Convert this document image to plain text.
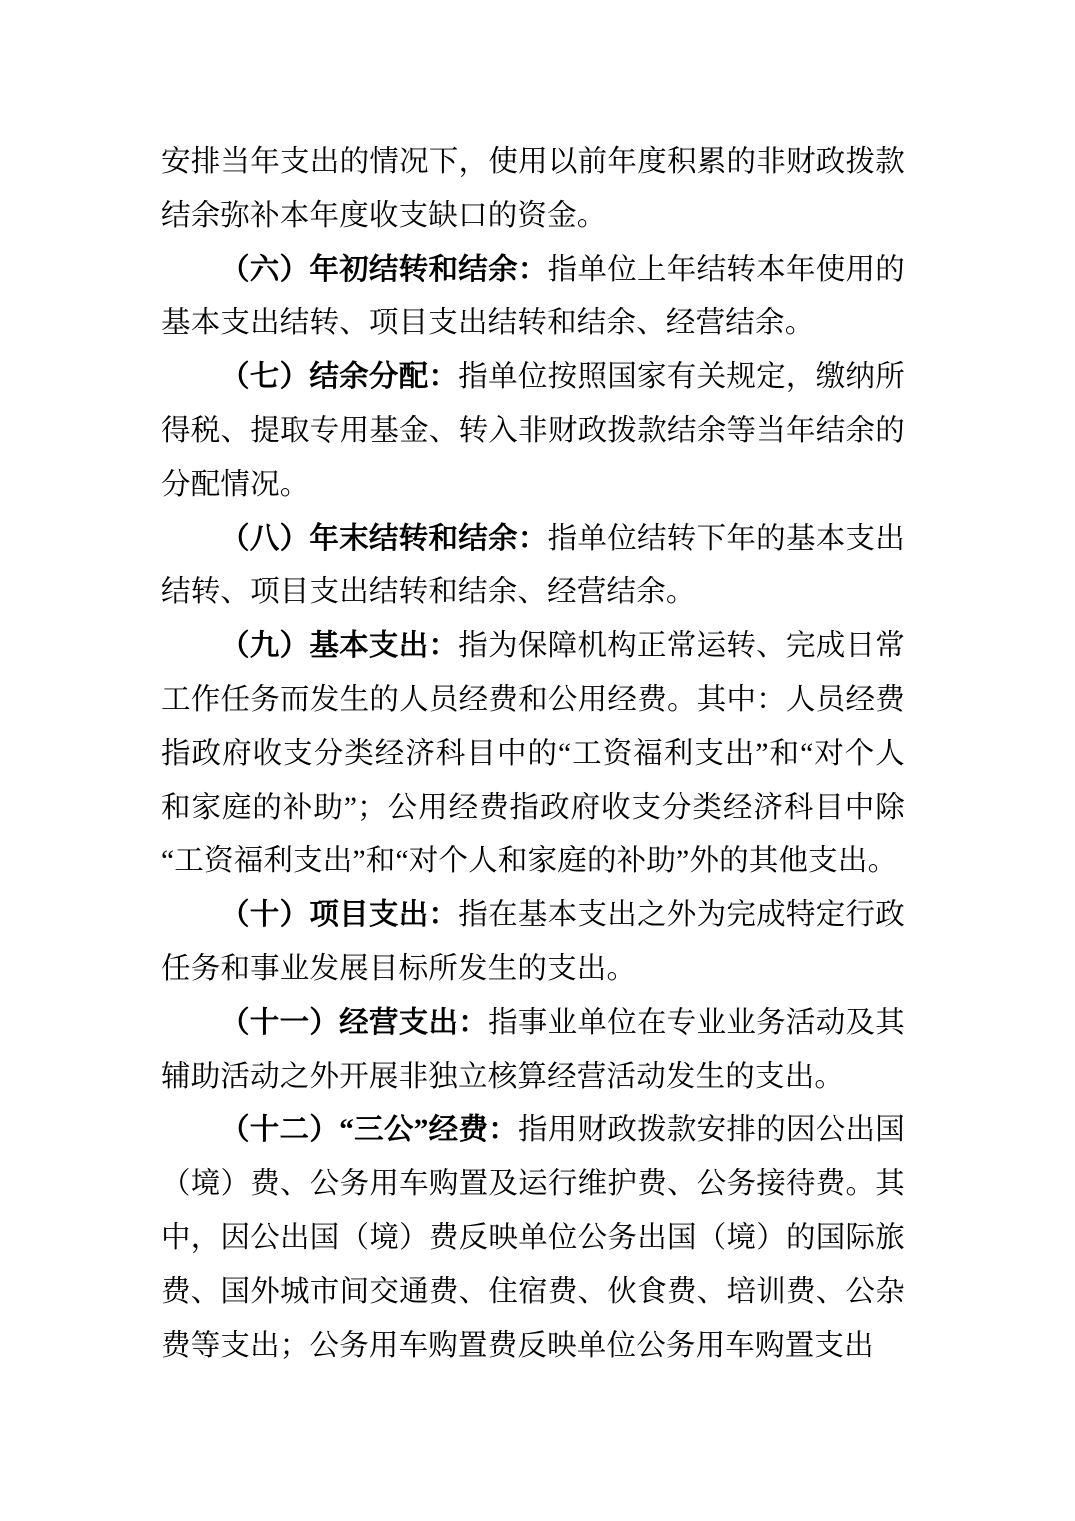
安排当年支出的情况下，使用以前年度积累的非财政拨款结余弥补本年度收支缺口的资金。

（六）年初结转和结余：指单位上年结转本年使用的基本支出结转、项目支出结转和结余、经营结余。

（七）结余分配：指单位按照国家有关规定，缴纳所得税、提取专用基金、转入非财政拨款结余等当年结余的分配情况。

（八）年末结转和结余：指单位结转下年的基本支出结转、项目支出结转和结余、经营结余。

（九）基本支出：指为保障机构正常运转、完成日常工作任务而发生的人员经费和公用经费。其中：人员经费指政府收支分类经济科目中的“工资福利支出”和“对个人和家庭的补助”；公用经费指政府收支分类经济科目中除“工资福利支出”和“对个人和家庭的补助”外的其他支出。

（十）项目支出：指在基本支出之外为完成特定行政任务和事业发展目标所发生的支出。

（十一）经营支出：指事业单位在专业业务活动及其辅助活动之外开展非独立核算经营活动发生的支出。

（十二）“三公”经费：指用财政拨款安排的因公出国（境）费、公务用车购置及运行维护费、公务接待费。其中，因公出国（境）费反映单位公务出国（境）的国际旅费、国外城市间交通费、住宿费、伙食费、培训费、公杂费等支出；公务用车购置费反映单位公务用车购置支出
